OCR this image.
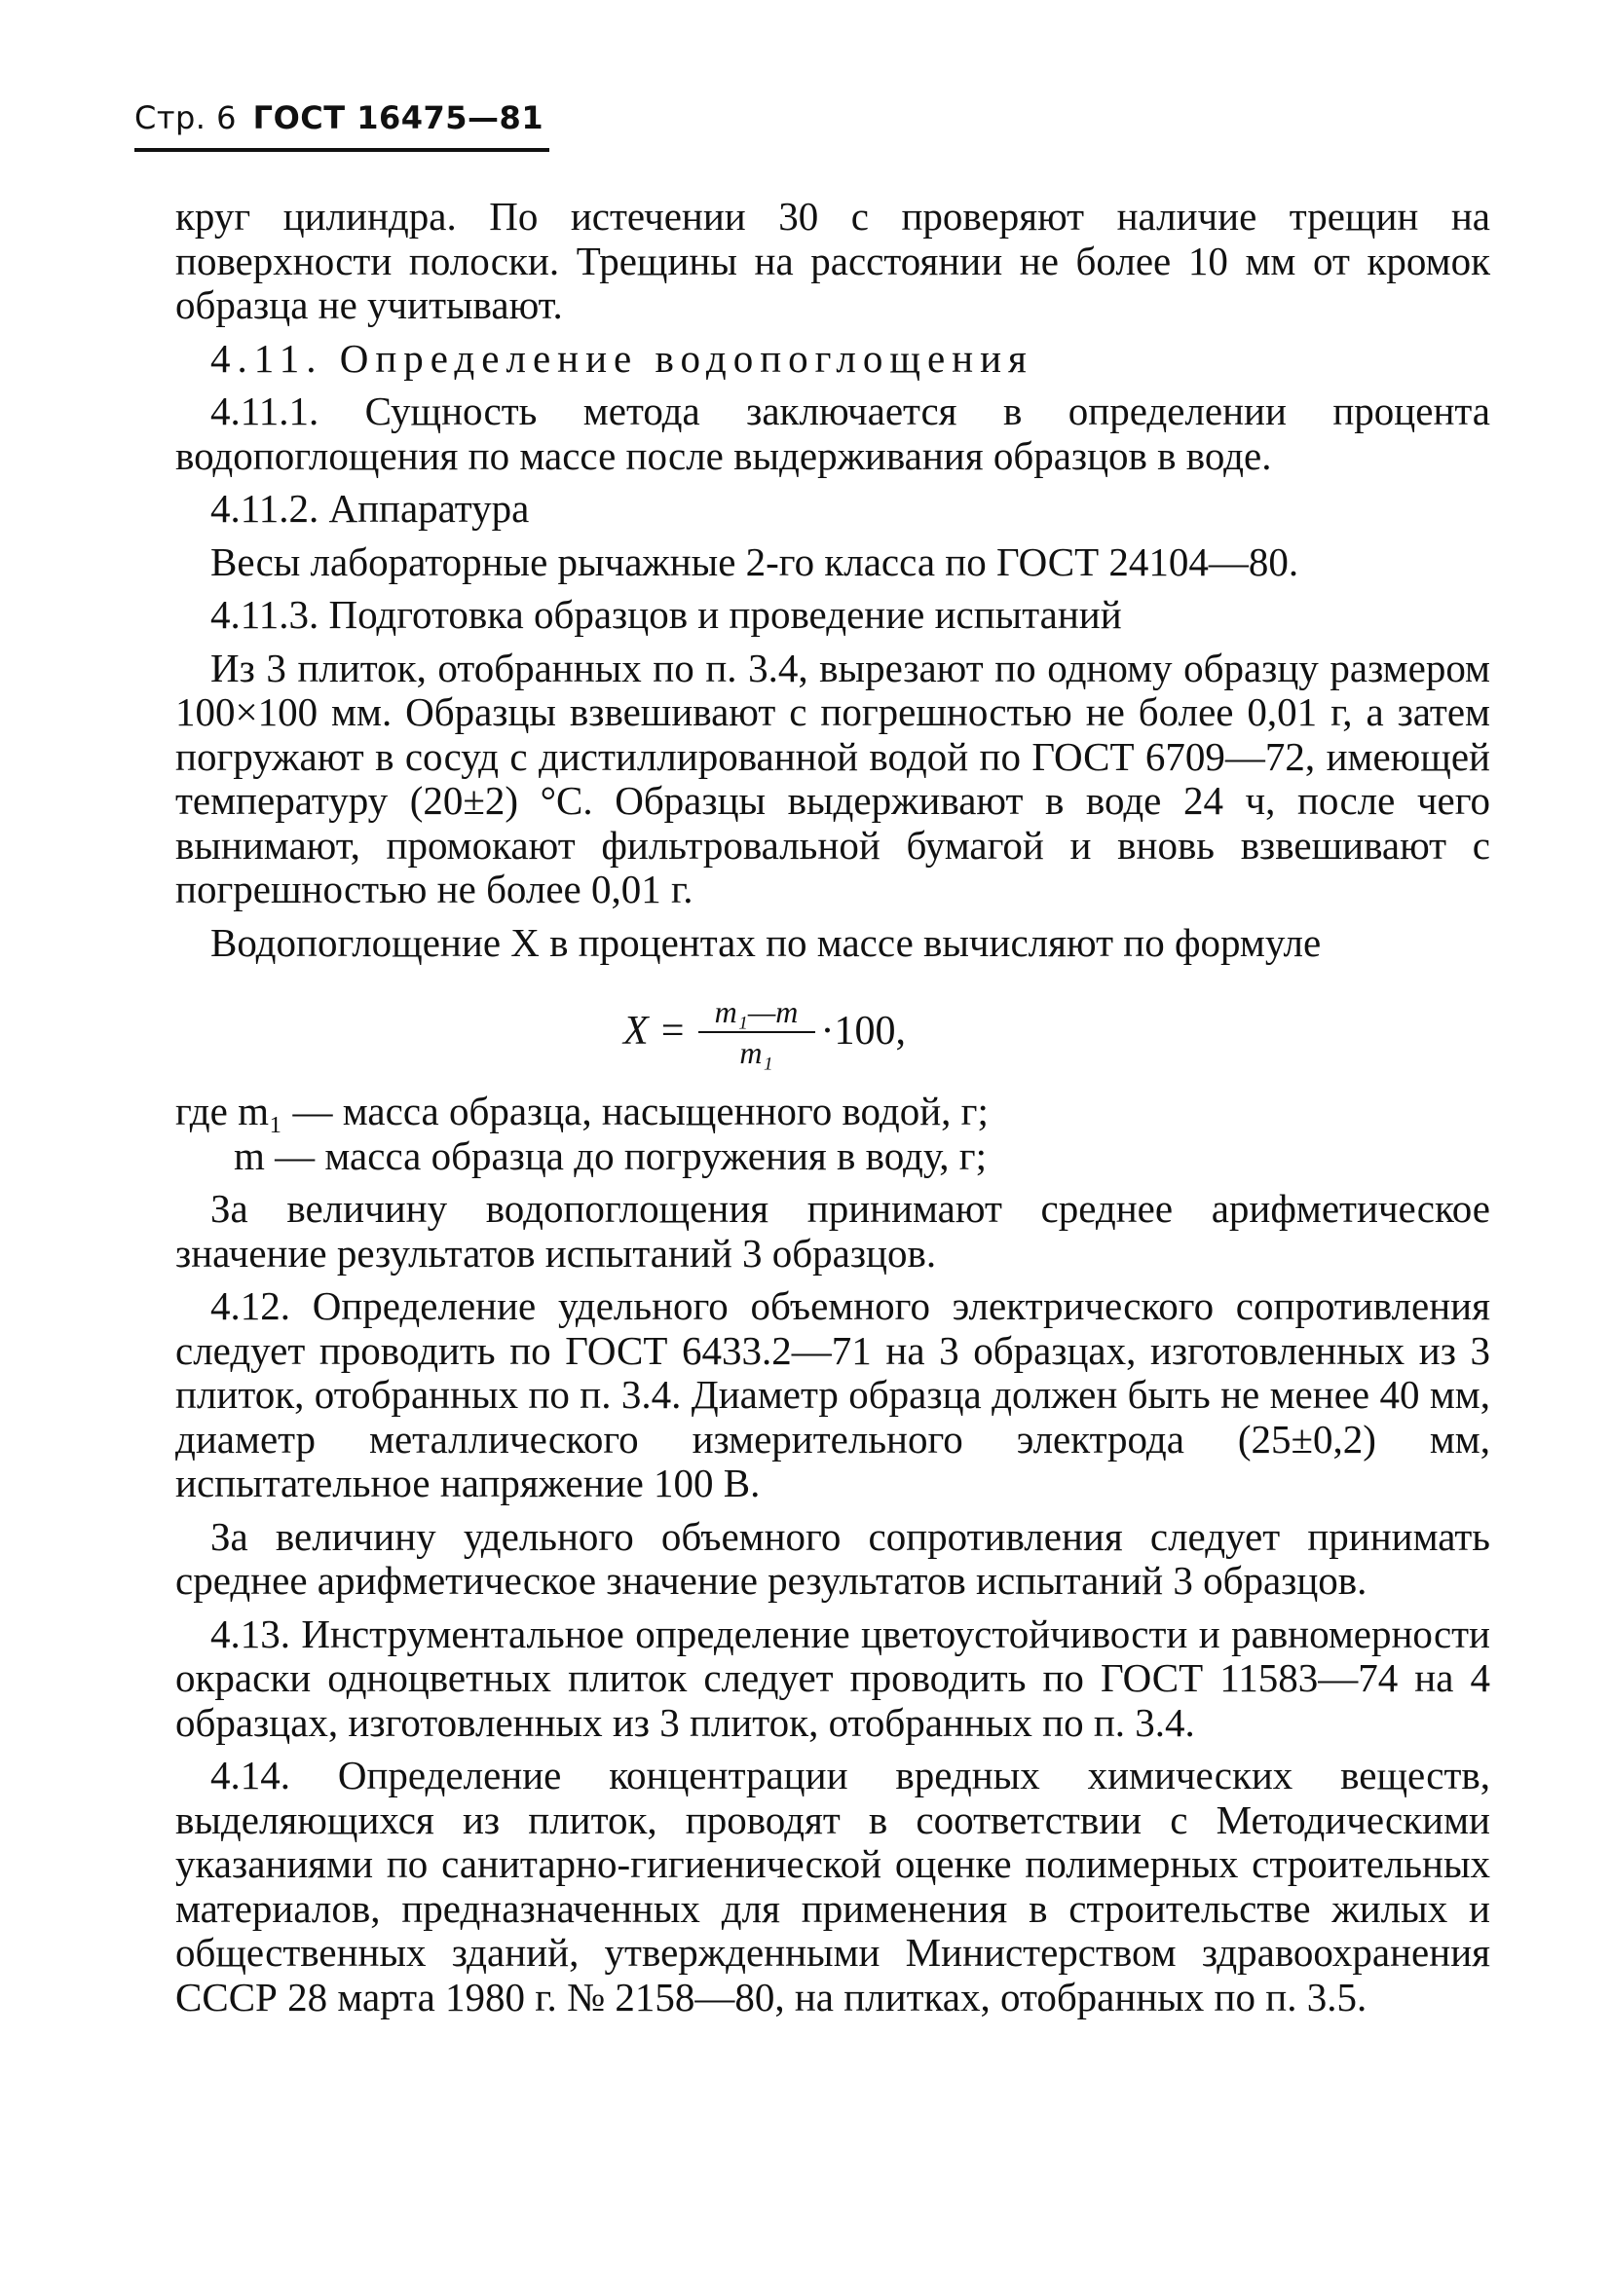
Стр. 6 ГОСТ 16475—81

круг цилиндра. По истечении 30 с проверяют наличие трещин на поверхности полоски. Трещины на расстоянии не более 10 мм от кромок образца не учитывают.

4.11. Определение водопоглощения

4.11.1. Сущность метода заключается в определении процента водопоглощения по массе после выдерживания образцов в воде.

4.11.2. Аппаратура

Весы лабораторные рычажные 2-го класса по ГОСТ 24104—80.

4.11.3. Подготовка образцов и проведение испытаний

Из 3 плиток, отобранных по п. 3.4, вырезают по одному образцу размером 100×100 мм. Образцы взвешивают с погрешностью не более 0,01 г, а затем погружают в сосуд с дистиллированной водой по ГОСТ 6709—72, имеющей температуру (20±2) °С. Образцы выдерживают в воде 24 ч, после чего вынимают, промокают фильтровальной бумагой и вновь взвешивают с погрешностью не более 0,01 г.

Водопоглощение X в процентах по массе вычисляют по формуле

$X = \frac{\text{m₁—m}}{\text{m₁}} \cdot 100$,

где m₁ — масса образца, насыщенного водой, г;

m — масса образца до погружения в воду, г;

За величину водопоглощения принимают среднее арифметическое значение результатов испытаний 3 образцов.

4.12. Определение удельного объемного электрического сопротивления следует проводить по ГОСТ 6433.2—71 на 3 образцах, изготовленных из 3 плиток, отобранных по п. 3.4. Диаметр образца должен быть не менее 40 мм, диаметр металлического измерительного электрода (25±0,2) мм, испытательное напряжение 100 В.

За величину удельного объемного сопротивления следует принимать среднее арифметическое значение результатов испытаний 3 образцов.

4.13. Инструментальное определение цветоустойчивости и равномерности окраски одноцветных плиток следует проводить по ГОСТ 11583—74 на 4 образцах, изготовленных из 3 плиток, отобранных по п. 3.4.

4.14. Определение концентрации вредных химических веществ, выделяющихся из плиток, проводят в соответствии с Методическими указаниями по санитарно-гигиенической оценке полимерных строительных материалов, предназначенных для применения в строительстве жилых и общественных зданий, утвержденными Министерством здравоохранения СССР 28 марта 1980 г. № 2158—80, на плитках, отобранных по п. 3.5.
